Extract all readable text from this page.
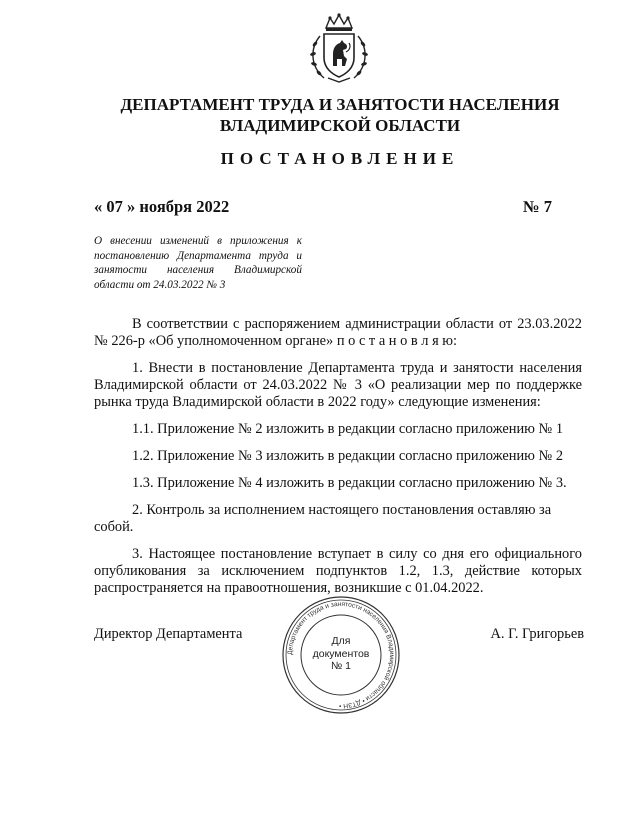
ДЕПАРТАМЕНТ ТРУДА И ЗАНЯТОСТИ НАСЕЛЕНИЯ
ВЛАДИМИРСКОЙ ОБЛАСТИ
ПОСТАНОВЛЕНИЕ
« 07 » ноября 2022	№ 7
О внесении изменений в приложения к постановлению Департамента труда и занятости населения Владимирской области от 24.03.2022 № 3

В соответствии с распоряжением администрации области от 23.03.2022 № 226-р «Об уполномоченном органе» п о с т а н о в л я ю:

1. Внести в постановление Департамента труда и занятости населения Владимирской области от 24.03.2022 № 3 «О реализации мер по поддержке рынка труда Владимирской области в 2022 году» следующие изменения:

1.1. Приложение № 2 изложить в редакции согласно приложению № 1

1.2. Приложение № 3 изложить в редакции согласно приложению № 2

1.3. Приложение № 4 изложить в редакции согласно приложению № 3.

2. Контроль за исполнением настоящего постановления оставляю за собой.

3. Настоящее постановление вступает в силу со дня его официального опубликования за исключением подпунктов 1.2, 1.3, действие которых распространяется на правоотношения, возникшие с 01.04.2022.

Директор Департамента	А. Г. Григорьев
Департамент труда и занятости населения Владимирской области • ДТЗН •
Для
документов
№ 1
